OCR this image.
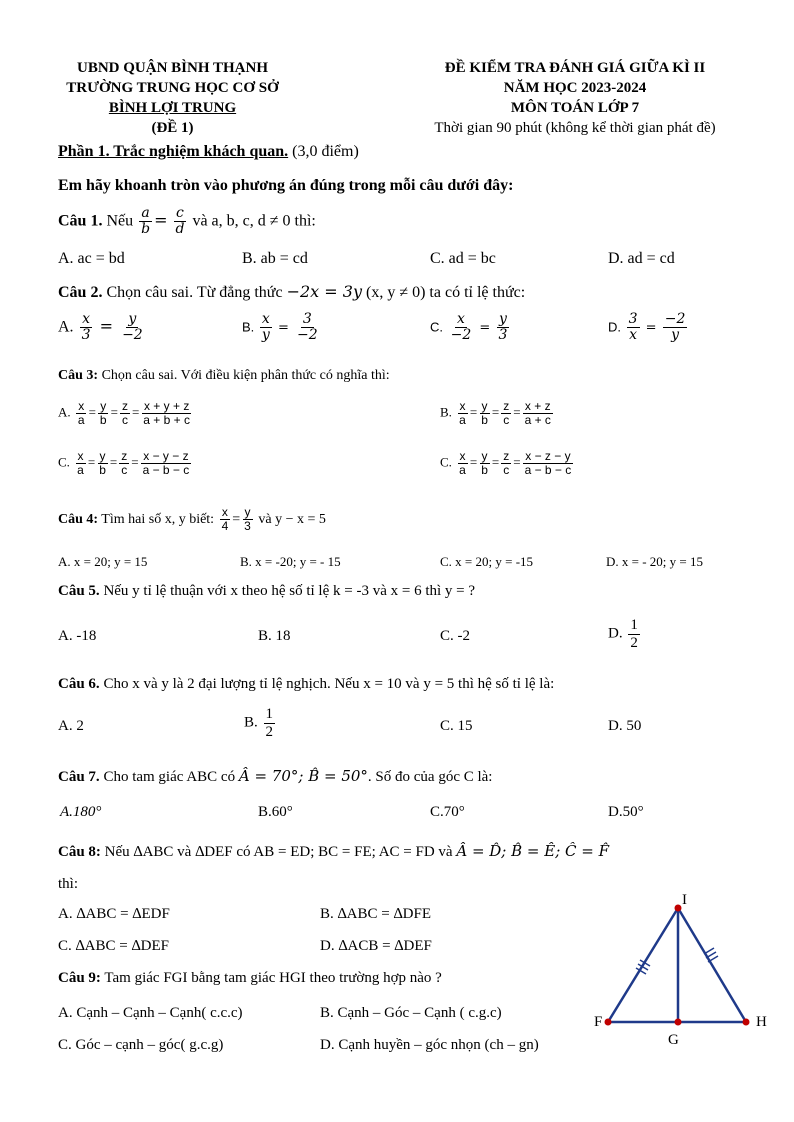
UBND QUẬN BÌNH THẠNH
TRƯỜNG TRUNG HỌC CƠ SỞ
BÌNH LỢI TRUNG
(ĐỀ 1)
ĐỀ KIỂM TRA ĐÁNH GIÁ GIỮA KÌ II
NĂM HỌC 2023-2024
MÔN TOÁN LỚP 7
Thời gian 90 phút (không kể thời gian phát đề)
Phần 1. Trắc nghiệm khách quan. (3,0 điểm)
Em hãy khoanh tròn vào phương án đúng trong mỗi câu dưới đây:
Câu 1. Nếu $\frac{a}{b} = \frac{c}{d}$ và a, b, c, d ≠ 0 thì:
A. ac = bd	B. ab = cd	C. ad = bc	D. ad = cd
Câu 2. Chọn câu sai. Từ đẳng thức −2x = 3y (x, y ≠ 0) ta có tỉ lệ thức:
A. $\frac{x}{3} = \frac{y}{-2}$	B. $\frac{x}{y} = \frac{3}{-2}$	C. $\frac{x}{-2} = \frac{y}{3}$	D. $\frac{3}{x} = \frac{-2}{y}$
Câu 3: Chọn câu sai. Với điều kiện phân thức có nghĩa thì:
A. $\frac{x}{a} = \frac{y}{b} = \frac{z}{c} = \frac{x + y + z}{a + b + c}$	B. $\frac{x}{a} = \frac{y}{b} = \frac{z}{c} = \frac{x + z}{a + c}$
C. $\frac{x}{a} = \frac{y}{b} = \frac{z}{c} = \frac{x - y - z}{a - b - c}$	C. $\frac{x}{a} = \frac{y}{b} = \frac{z}{c} = \frac{x - z - y}{a - b - c}$
Câu 4: Tìm hai số x, y biết: $\frac{x}{4} = \frac{y}{3}$ và y − x = 5
A. x = 20; y = 15	B. x = -20; y = - 15	C. x = 20; y = -15	D. x = - 20; y = 15
Câu 5. Nếu y tỉ lệ thuận với x theo hệ số tỉ lệ k = -3 và x = 6 thì y = ?
A. -18	B. 18	C. -2	D. $\frac{1}{2}$
Câu 6. Cho x và y là 2 đại lượng tỉ lệ nghịch. Nếu x = 10 và y = 5 thì hệ số tỉ lệ là:
A. 2	B. $\frac{1}{2}$	C. 15	D. 50
Câu 7. Cho tam giác ABC có Â = 70°; B̂ = 50°. Số đo của góc C là:
A.180°	B.60°	C.70°	D.50°
Câu 8: Nếu ∆ABC và ∆DEF có AB = ED; BC = FE; AC = FD và Â = D̂; B̂ = Ê; Ĉ = F̂
thì:
A. ∆ABC = ∆EDF	B. ∆ABC = ∆DFE
C. ∆ABC = ∆DEF	D. ∆ACB = ∆DEF
Câu 9: Tam giác FGI bằng tam giác HGI theo trường hợp nào ?
A. Cạnh – Cạnh – Cạnh( c.c.c)	B. Cạnh – Góc – Cạnh ( c.g.c)
C. Góc – cạnh – góc( g.c.g)	D. Cạnh huyền – góc nhọn (ch – gn)
I
F	H
G
